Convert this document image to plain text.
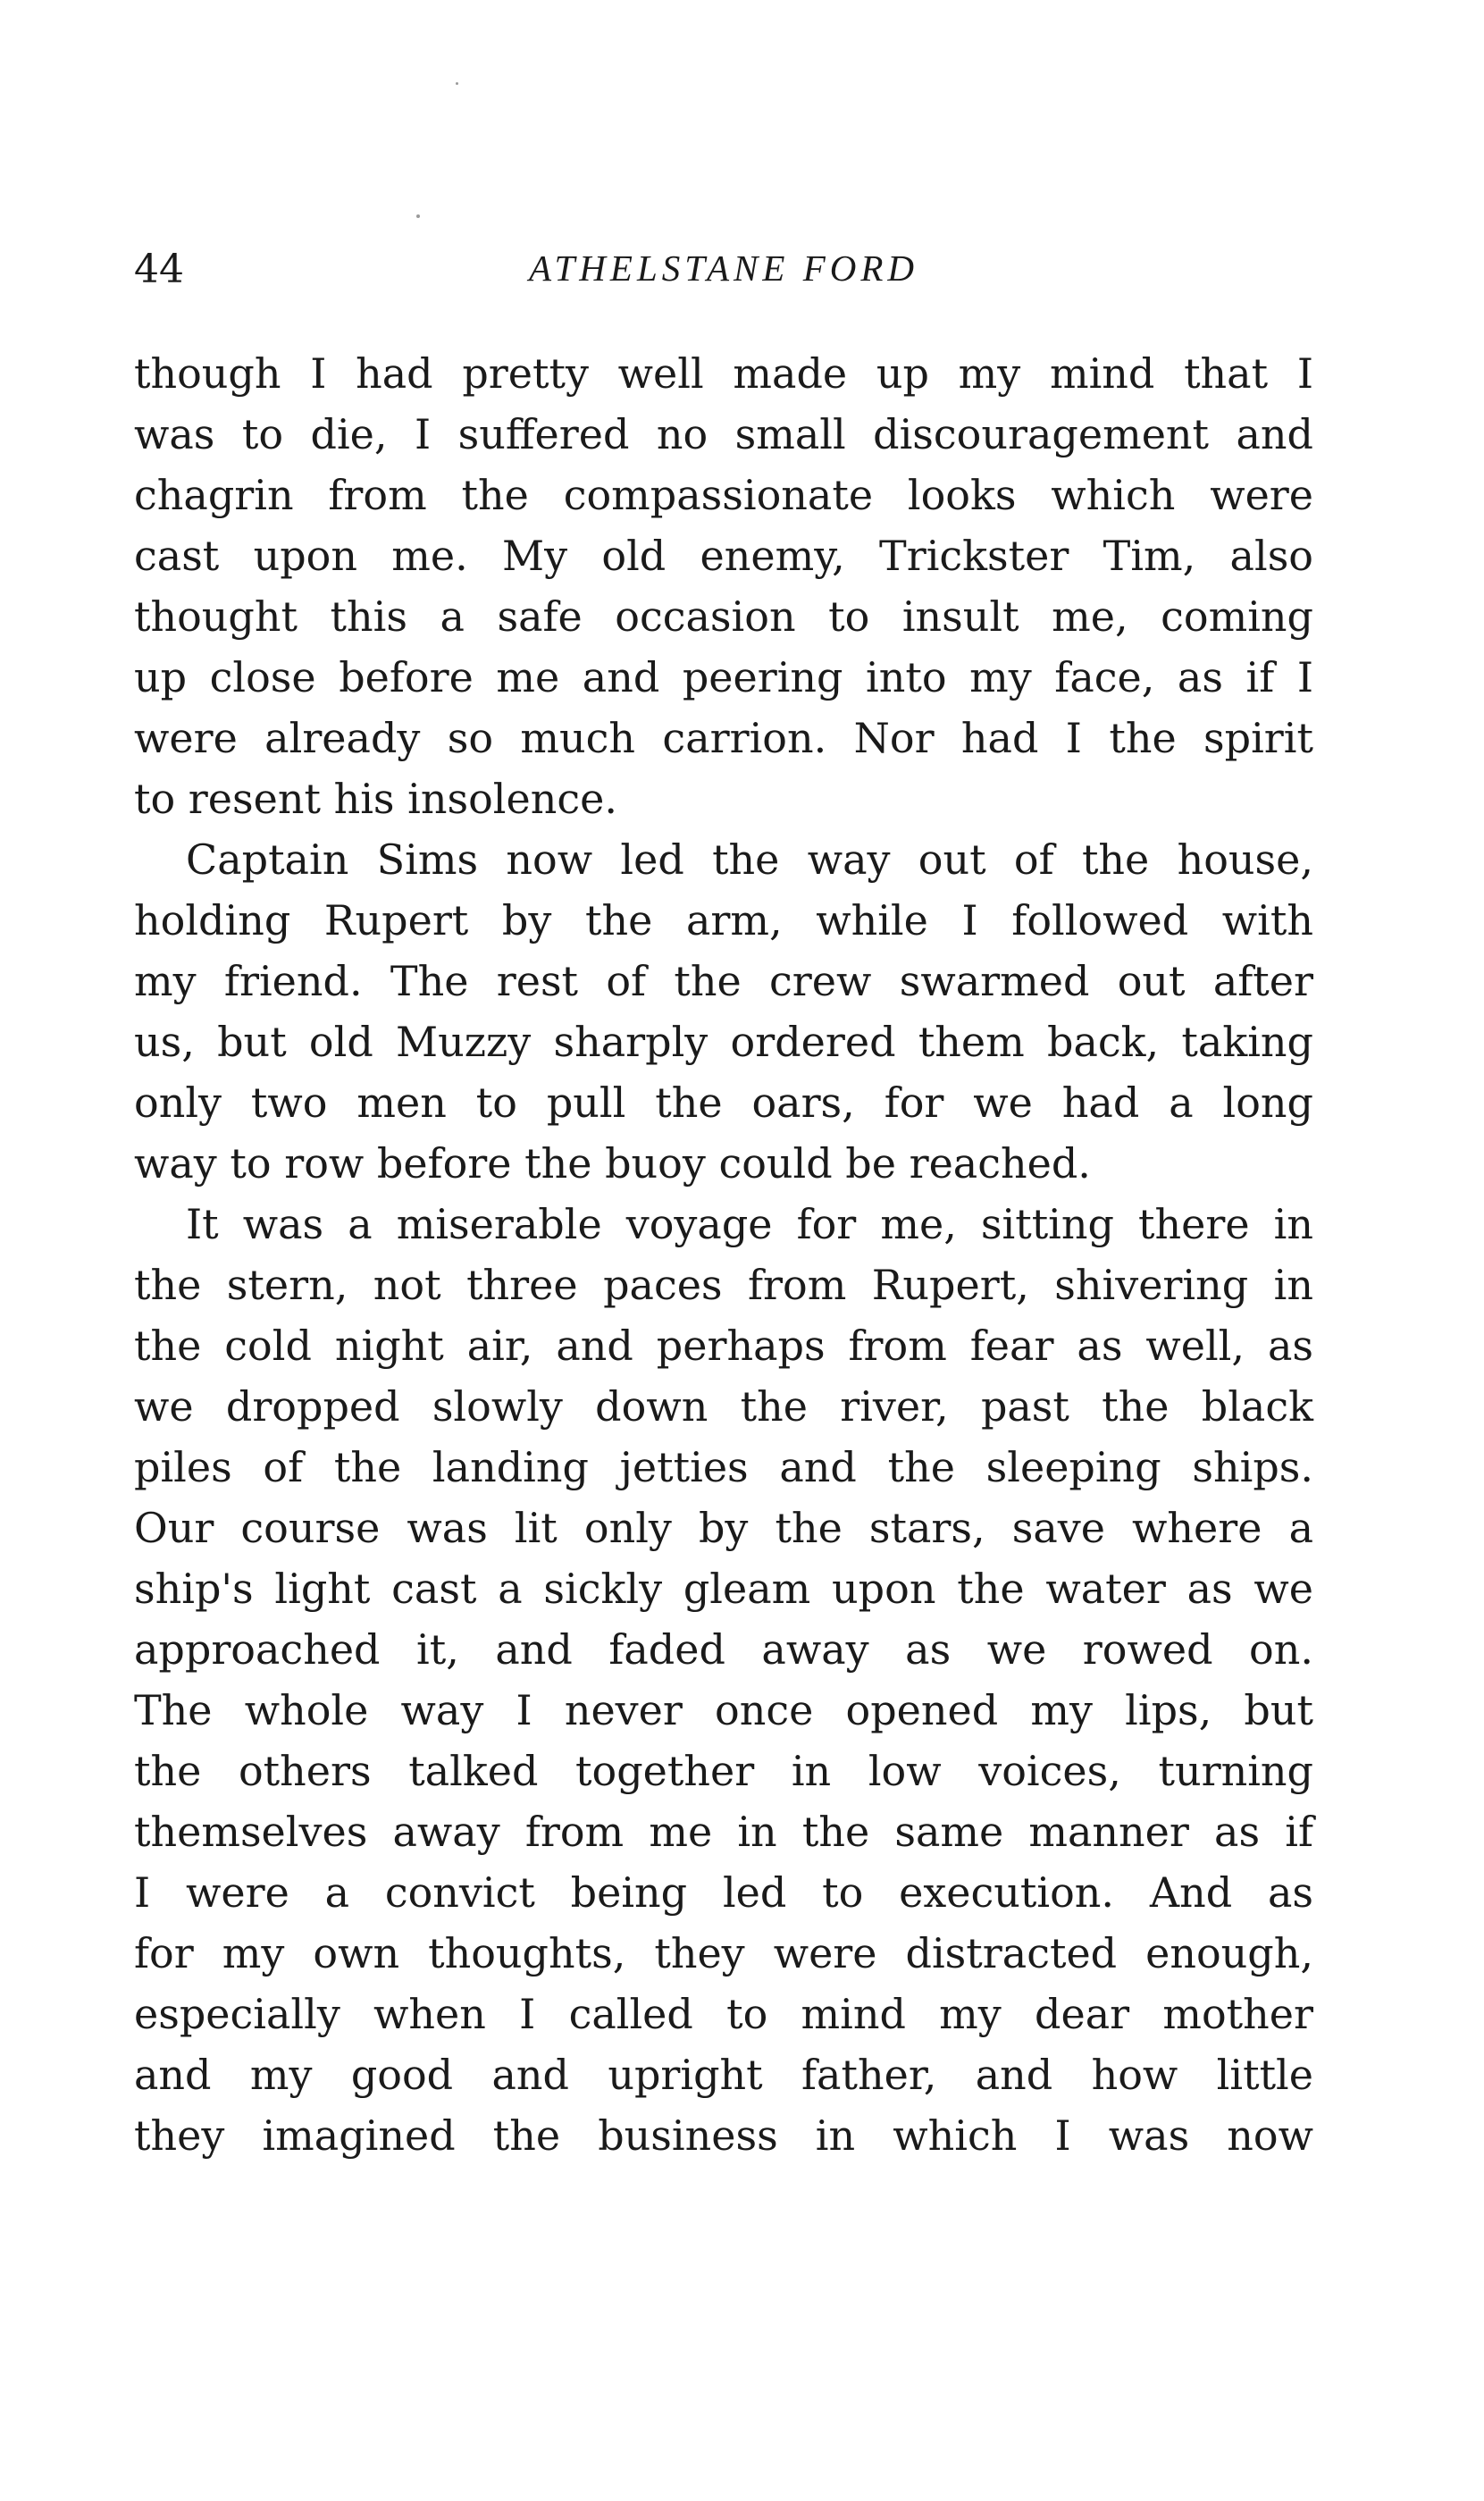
44	ATHELSTANE FORD
though I had pretty well made up my mind that I
was to die, I suffered no small discouragement and
chagrin from the compassionate looks which were
cast upon me. My old enemy, Trickster Tim, also
thought this a safe occasion to insult me, coming
up close before me and peering into my face, as if I
were already so much carrion. Nor had I the spirit
to resent his insolence.
Captain Sims now led the way out of the house,
holding Rupert by the arm, while I followed with
my friend. The rest of the crew swarmed out after
us, but old Muzzy sharply ordered them back, taking
only two men to pull the oars, for we had a long
way to row before the buoy could be reached.
It was a miserable voyage for me, sitting there in
the stern, not three paces from Rupert, shivering in
the cold night air, and perhaps from fear as well, as
we dropped slowly down the river, past the black
piles of the landing jetties and the sleeping ships.
Our course was lit only by the stars, save where a
ship's light cast a sickly gleam upon the water as we
approached it, and faded away as we rowed on.
The whole way I never once opened my lips, but
the others talked together in low voices, turning
themselves away from me in the same manner as if
I were a convict being led to execution. And as
for my own thoughts, they were distracted enough,
especially when I called to mind my dear mother
and my good and upright father, and how little
they imagined the business in which I was now
